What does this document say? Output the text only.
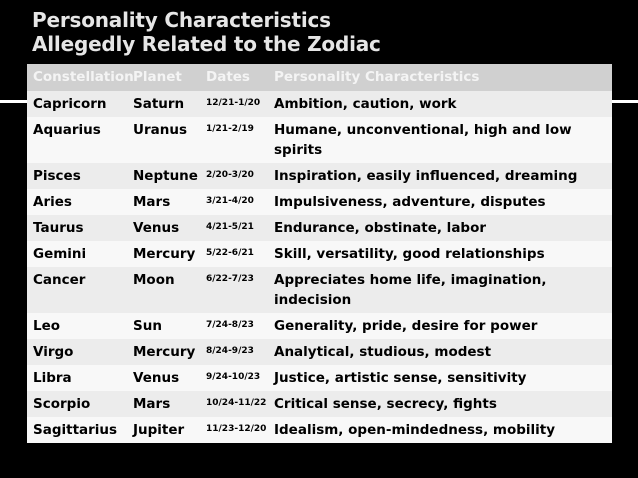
Personality Characteristics
Allegedly Related to the Zodiac
Constellation	Planet	Dates	Personality Characteristics
Capricorn	Saturn	12/21-1/20	Ambition, caution, work
Aquarius	Uranus	1/21-2/19	Humane, unconventional, high and low spirits
Pisces	Neptune	2/20-3/20	Inspiration, easily influenced, dreaming
Aries	Mars	3/21-4/20	Impulsiveness, adventure, disputes
Taurus	Venus	4/21-5/21	Endurance, obstinate, labor
Gemini	Mercury	5/22-6/21	Skill, versatility, good relationships
Cancer	Moon	6/22-7/23	Appreciates home life, imagination, indecision
Leo	Sun	7/24-8/23	Generality, pride, desire for power
Virgo	Mercury	8/24-9/23	Analytical, studious, modest
Libra	Venus	9/24-10/23	Justice, artistic sense, sensitivity
Scorpio	Mars	10/24-11/22	Critical sense, secrecy, fights
Sagittarius	Jupiter	11/23-12/20	Idealism, open-mindedness, mobility
